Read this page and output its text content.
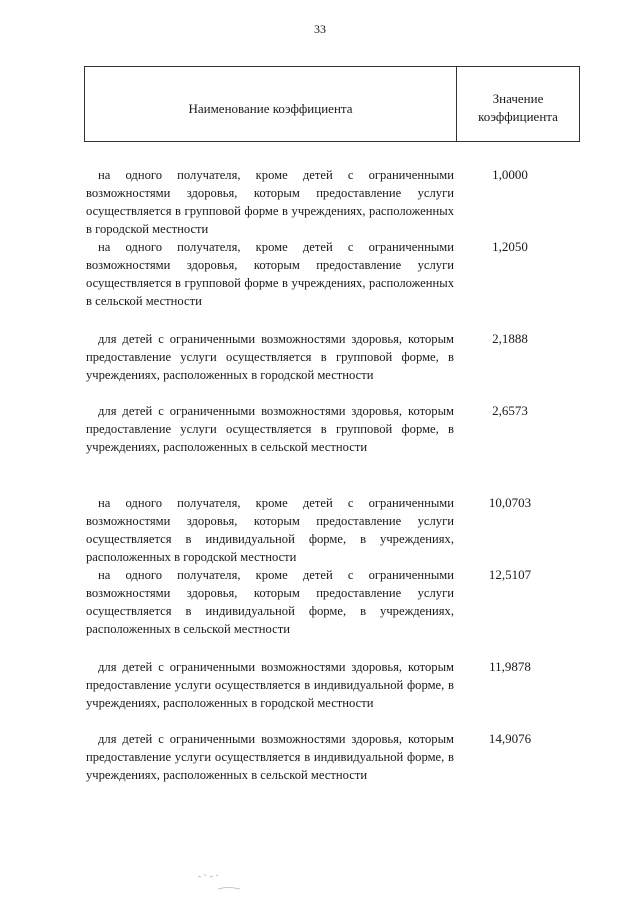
33
Наименование коэффициента
Значение
коэффициента
на одного получателя, кроме детей с ограниченными возможностями здоровья, которым предоставление услуги осуществляется в групповой форме в учреждениях, расположенных в городской местности
1,0000
на одного получателя, кроме детей с ограниченными возможностями здоровья, которым предоставление услуги осуществляется в групповой форме в учреждениях, расположенных в сельской местности
1,2050
для детей с ограниченными возможностями здоровья, которым предоставление услуги осуществляется в групповой форме, в учреждениях, расположенных в городской местности
2,1888
для детей с ограниченными возможностями здоровья, которым предоставление услуги осуществляется в групповой форме, в учреждениях, расположенных в сельской местности
2,6573
на одного получателя, кроме детей с ограниченными возможностями здоровья, которым предоставление услуги осуществляется в индивидуальной форме, в учреждениях, расположенных в городской местности
10,0703
на одного получателя, кроме детей с ограниченными возможностями здоровья, которым предоставление услуги осуществляется в индивидуальной форме, в учреждениях, расположенных в сельской местности
12,5107
для детей с ограниченными возможностями здоровья, которым предоставление услуги осуществляется в индивидуальной форме, в учреждениях, расположенных в городской местности
11,9878
для детей с ограниченными возможностями здоровья, которым предоставление услуги осуществляется в индивидуальной форме, в учреждениях, расположенных в сельской местности
14,9076
